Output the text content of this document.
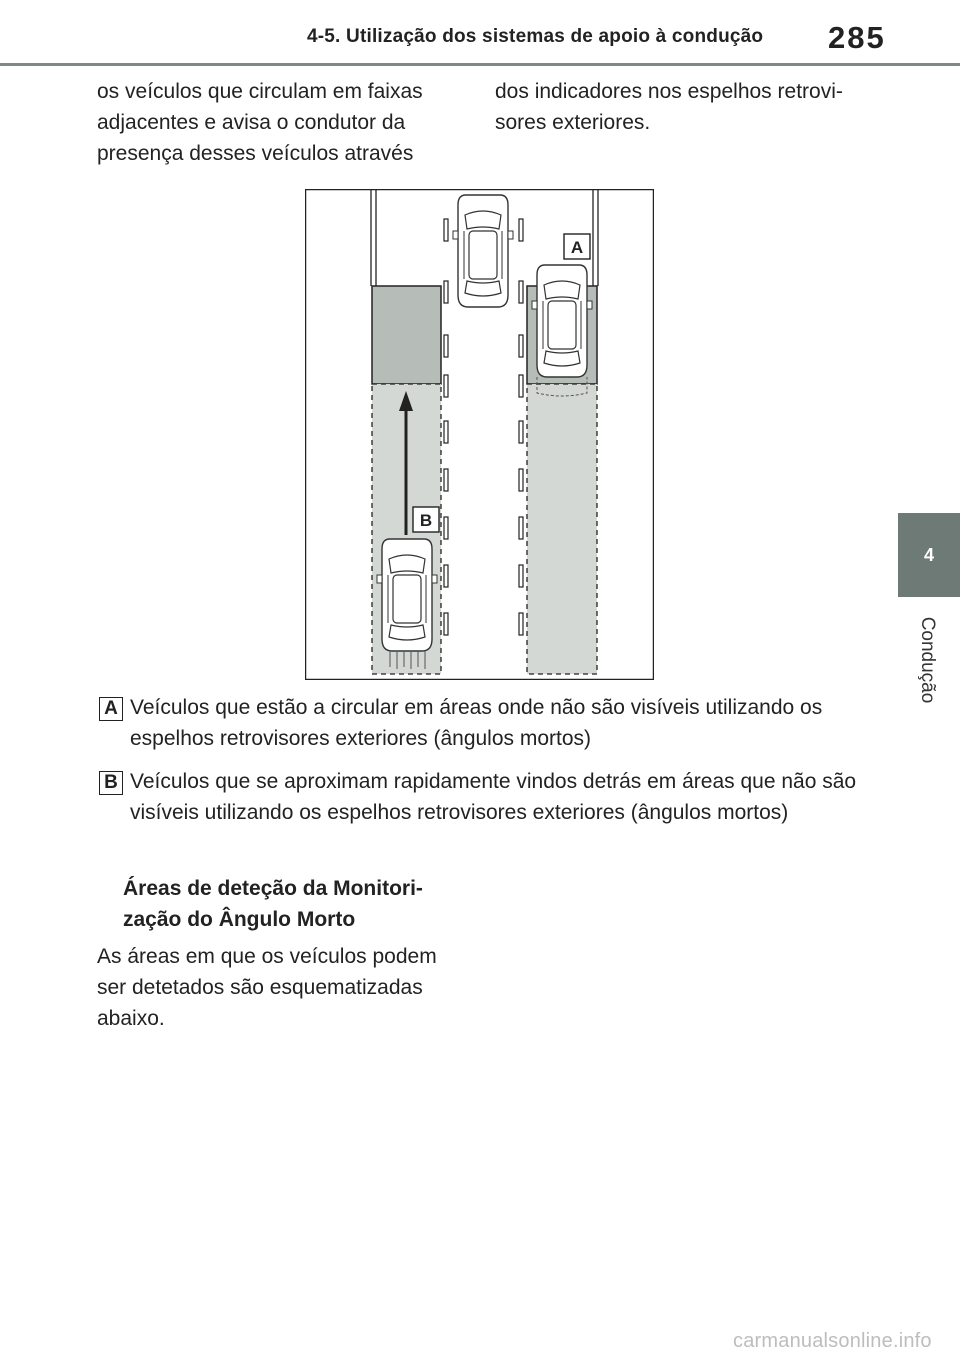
4-5. Utilização dos sistemas de apoio à condução 285
4
Condução
os veículos que circulam em faixas adjacentes e avisa o condutor da presença desses veículos através
dos indicadores nos espelhos retrovi-sores exteriores.
A
B
A Veículos que estão a circular em áreas onde não são visíveis utilizando os espelhos retrovisores exteriores (ângulos mortos)
B Veículos que se aproximam rapidamente vindos detrás em áreas que não são visíveis utilizando os espelhos retrovisores exteriores (ângulos mortos)
Áreas de deteção da Monitori-zação do Ângulo Morto
As áreas em que os veículos podem ser detetados são esquematizadas abaixo.
carmanualsonline.info
